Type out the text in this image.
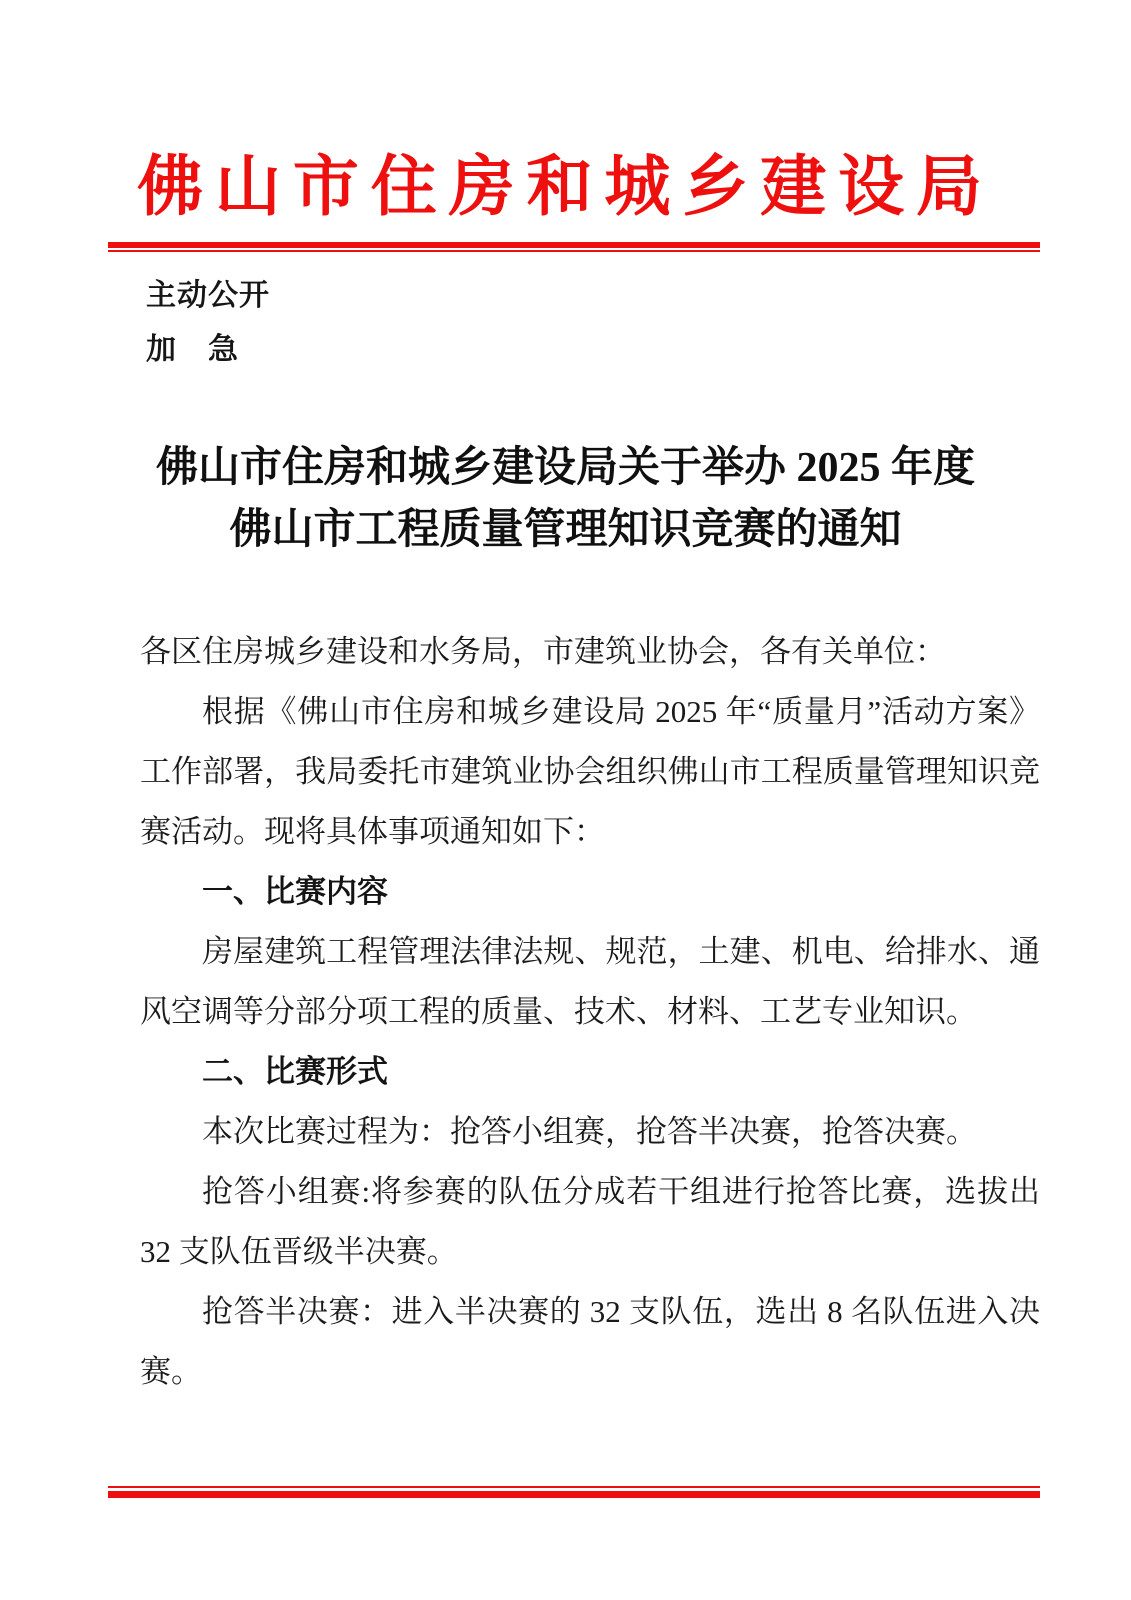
佛山市住房和城乡建设局
主动公开
加　急
佛山市住房和城乡建设局关于举办 2025 年度
佛山市工程质量管理知识竞赛的通知

各区住房城乡建设和水务局，市建筑业协会，各有关单位：

根据《佛山市住房和城乡建设局 2025 年“质量月”活动方案》工作部署，我局委托市建筑业协会组织佛山市工程质量管理知识竞赛活动。现将具体事项通知如下：

一、比赛内容

房屋建筑工程管理法律法规、规范，土建、机电、给排水、通风空调等分部分项工程的质量、技术、材料、工艺专业知识。

二、比赛形式

本次比赛过程为：抢答小组赛，抢答半决赛，抢答决赛。

抢答小组赛:将参赛的队伍分成若干组进行抢答比赛，选拔出 32 支队伍晋级半决赛。

抢答半决赛：进入半决赛的 32 支队伍，选出 8 名队伍进入决赛。
